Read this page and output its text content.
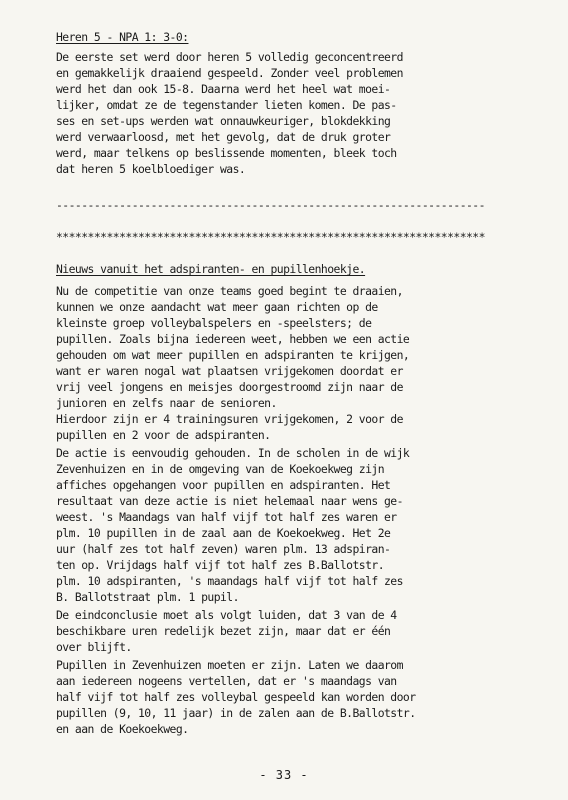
Heren 5 - NPA 1: 3-0:
De eerste set werd door heren 5 volledig geconcentreerd
en gemakkelijk draaiend gespeeld. Zonder veel problemen
werd het dan ook 15-8. Daarna werd het heel wat moei-
lijker, omdat ze de tegenstander lieten komen. De pas-
ses en set-ups werden wat onnauwkeuriger, blokdekking
werd verwaarloosd, met het gevolg, dat de druk groter
werd, maar telkens op beslissende momenten, bleek toch
dat heren 5 koelbloediger was.
--------------------------------------------------------------------
********************************************************************
Nieuws vanuit het adspiranten- en pupillenhoekje.
Nu de competitie van onze teams goed begint te draaien,
kunnen we onze aandacht wat meer gaan richten op de
kleinste groep volleybalspelers en -speelsters; de
pupillen. Zoals bijna iedereen weet, hebben we een actie
gehouden om wat meer pupillen en adspiranten te krijgen,
want er waren nogal wat plaatsen vrijgekomen doordat er
vrij veel jongens en meisjes doorgestroomd zijn naar de
junioren en zelfs naar de senioren.
Hierdoor zijn er 4 trainingsuren vrijgekomen, 2 voor de
pupillen en 2 voor de adspiranten.
De actie is eenvoudig gehouden. In de scholen in de wijk
Zevenhuizen en in de omgeving van de Koekoekweg zijn
affiches opgehangen voor pupillen en adspiranten. Het
resultaat van deze actie is niet helemaal naar wens ge-
weest. 's Maandags van half vijf tot half zes waren er
plm. 10 pupillen in de zaal aan de Koekoekweg. Het 2e
uur (half zes tot half zeven) waren plm. 13 adspiran-
ten op. Vrijdags half vijf tot half zes B.Ballotstr.
plm. 10 adspiranten, 's maandags half vijf tot half zes
B. Ballotstraat plm. 1 pupil.
De eindconclusie moet als volgt luiden, dat 3 van de 4
beschikbare uren redelijk bezet zijn, maar dat er één
over blijft.
Pupillen in Zevenhuizen moeten er zijn. Laten we daarom
aan iedereen nogeens vertellen, dat er 's maandags van
half vijf tot half zes volleybal gespeeld kan worden door
pupillen (9, 10, 11 jaar) in de zalen aan de B.Ballotstr.
en aan de Koekoekweg.
- 33 -
